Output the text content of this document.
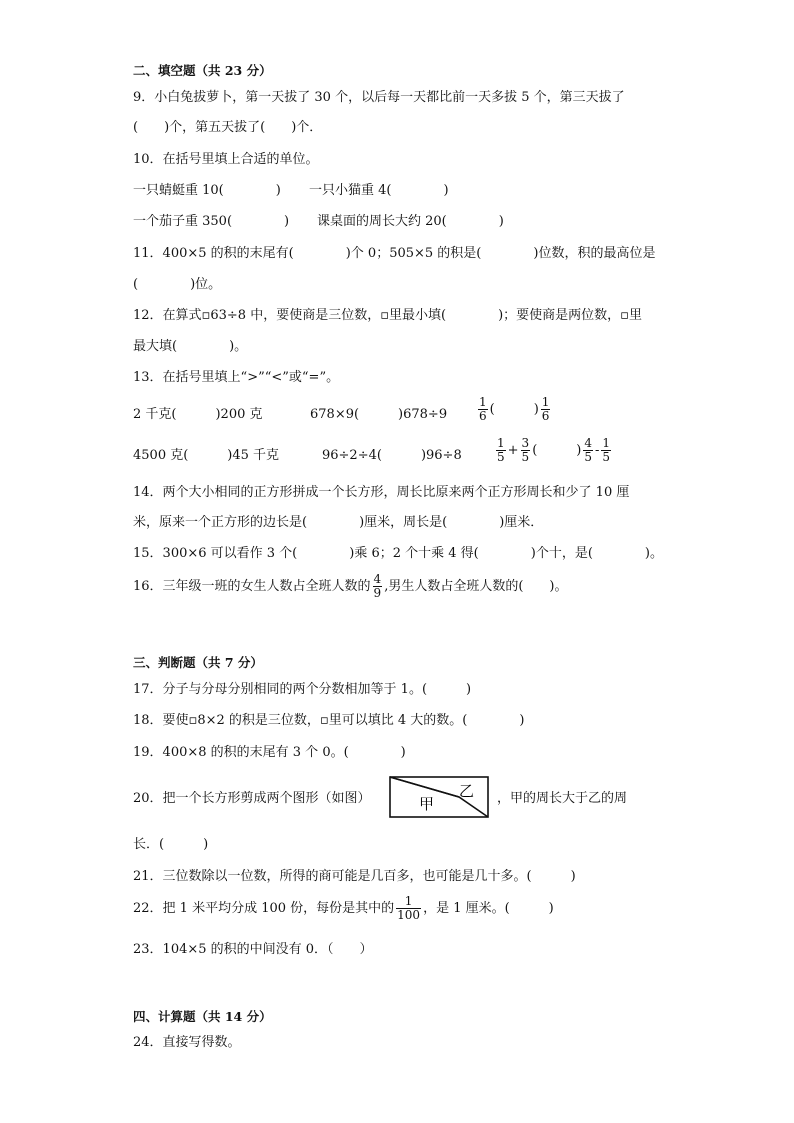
二、填空题（共 23 分）
9．小白兔拔萝卜，第一天拔了 30 个，以后每一天都比前一天多拔 5 个，第三天拔了
(　　)个，第五天拔了(　　)个．
10．在括号里填上合适的单位。
一只蜻蜓重 10(　　　　) 一只小猫重 4(　　　　)
一个茄子重 350(　　　　) 课桌面的周长大约 20(　　　　)
11．400×5 的积的末尾有(　　　　)个 0；505×5 的积是(　　　　)位数，积的最高位是
(　　　　)位。
12．在算式▫63÷8 中，要使商是三位数，▫里最小填(　　　　)；要使商是两位数，▫里
最大填(　　　　)。
13．在括号里填上“>”“<”或“=”。
2 千克(　　　)200 克	678×9(　　　)678÷9	$\frac{1}{6}$ (　　　) $\frac{1}{6}$
4500 克(　　　)45 千克	96÷2÷4(　　　)96÷8	$\frac{1}{5} + \frac{3}{5}$ (　　　) $\frac{4}{5} - \frac{1}{5}$
14．两个大小相同的正方形拼成一个长方形，周长比原来两个正方形周长和少了 10 厘
米，原来一个正方形的边长是(　　　　)厘米，周长是(　　　　)厘米．
15．300×6 可以看作 3 个(　　　　)乘 6；2 个十乘 4 得(　　　　)个十，是(　　　　)。
16．三年级一班的女生人数占全班人数的 $\frac{4}{9}$ ,男生人数占全班人数的(　　)。
三、判断题（共 7 分）
17．分子与分母分别相同的两个分数相加等于 1。(　　　)
18．要使▫8×2 的积是三位数，▫里可以填比 4 大的数。(　　　　)
19．400×8 的积的末尾有 3 个 0。(　　　　)
20．把一个长方形剪成两个图形（如图）	甲
乙 ，甲的周长大于乙的周
长．(　　　)
21．三位数除以一位数，所得的商可能是几百多，也可能是几十多。(　　　)
22．把 1 米平均分成 100 份，每份是其中的 $\frac{1}{100}$ ，是 1 厘米。(　　　)
23．104×5 的积的中间没有 0．（　　）
四、计算题（共 14 分）
24．直接写得数。
